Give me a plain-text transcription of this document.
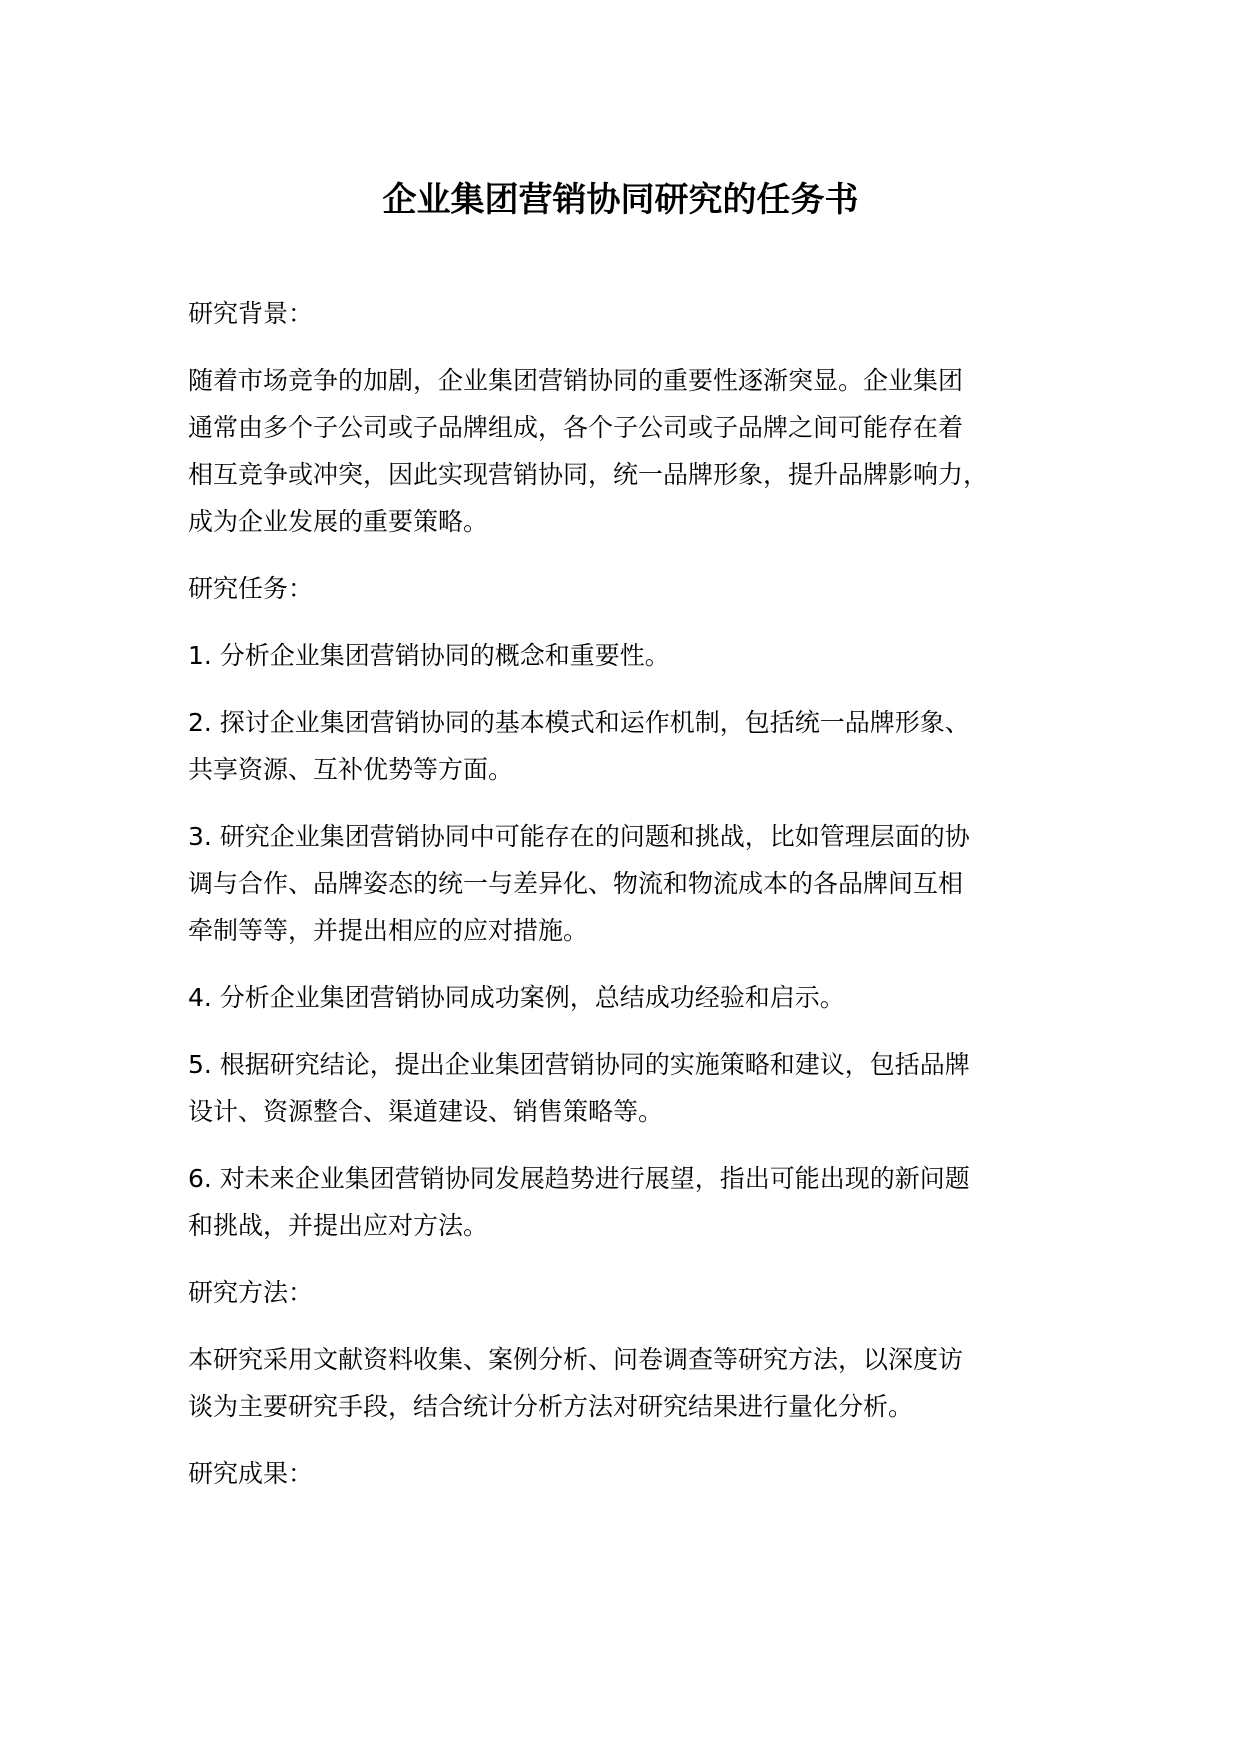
企业集团营销协同研究的任务书

研究背景：

随着市场竞争的加剧，企业集团营销协同的重要性逐渐突显。企业集团
通常由多个子公司或子品牌组成，各个子公司或子品牌之间可能存在着
相互竞争或冲突，因此实现营销协同，统一品牌形象，提升品牌影响力，
成为企业发展的重要策略。

研究任务：

1. 分析企业集团营销协同的概念和重要性。

2. 探讨企业集团营销协同的基本模式和运作机制，包括统一品牌形象、
共享资源、互补优势等方面。

3. 研究企业集团营销协同中可能存在的问题和挑战，比如管理层面的协
调与合作、品牌姿态的统一与差异化、物流和物流成本的各品牌间互相
牵制等等，并提出相应的应对措施。

4. 分析企业集团营销协同成功案例，总结成功经验和启示。

5. 根据研究结论，提出企业集团营销协同的实施策略和建议，包括品牌
设计、资源整合、渠道建设、销售策略等。

6. 对未来企业集团营销协同发展趋势进行展望，指出可能出现的新问题
和挑战，并提出应对方法。

研究方法：

本研究采用文献资料收集、案例分析、问卷调查等研究方法，以深度访
谈为主要研究手段，结合统计分析方法对研究结果进行量化分析。

研究成果：
